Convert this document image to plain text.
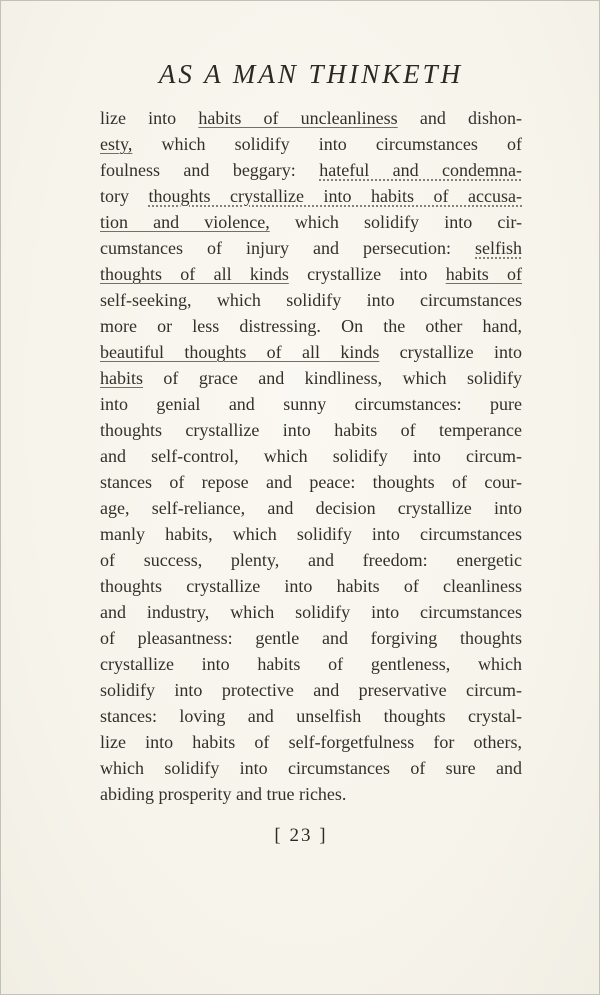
AS A MAN THINKETH
lize into habits of uncleanliness and dishon-
esty, which solidify into circumstances of
foulness and beggary: hateful and condemna-
tory thoughts crystallize into habits of accusa-
tion and violence, which solidify into cir-
cumstances of injury and persecution: selfish
thoughts of all kinds crystallize into habits of
self-seeking, which solidify into circumstances
more or less distressing. On the other hand,
beautiful thoughts of all kinds crystallize into
habits of grace and kindliness, which solidify
into genial and sunny circumstances: pure
thoughts crystallize into habits of temperance
and self-control, which solidify into circum-
stances of repose and peace: thoughts of cour-
age, self-reliance, and decision crystallize into
manly habits, which solidify into circumstances
of success, plenty, and freedom: energetic
thoughts crystallize into habits of cleanliness
and industry, which solidify into circumstances
of pleasantness: gentle and forgiving thoughts
crystallize into habits of gentleness, which
solidify into protective and preservative circum-
stances: loving and unselfish thoughts crystal-
lize into habits of self-forgetfulness for others,
which solidify into circumstances of sure and
abiding prosperity and true riches.
[ 23 ]
